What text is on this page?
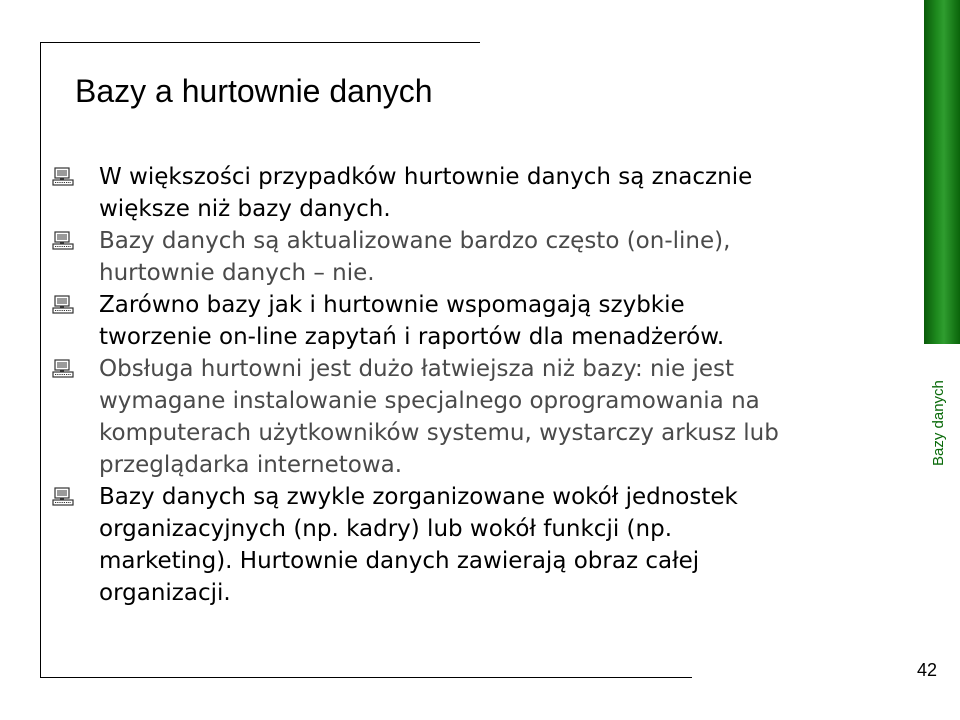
Bazy a hurtownie danych
Bazy danych
42
W większości przypadków hurtownie danych są znacznie
większe niż bazy danych.
Bazy danych są aktualizowane bardzo często (on-line),
hurtownie danych – nie.
Zarówno bazy jak i hurtownie wspomagają szybkie
tworzenie on-line zapytań i raportów dla menadżerów.
Obsługa hurtowni jest dużo łatwiejsza niż bazy: nie jest
wymagane instalowanie specjalnego oprogramowania na
komputerach użytkowników systemu, wystarczy arkusz lub
przeglądarka internetowa.
Bazy danych są zwykle zorganizowane wokół jednostek
organizacyjnych (np. kadry) lub wokół funkcji (np.
marketing). Hurtownie danych zawierają obraz całej
organizacji.
